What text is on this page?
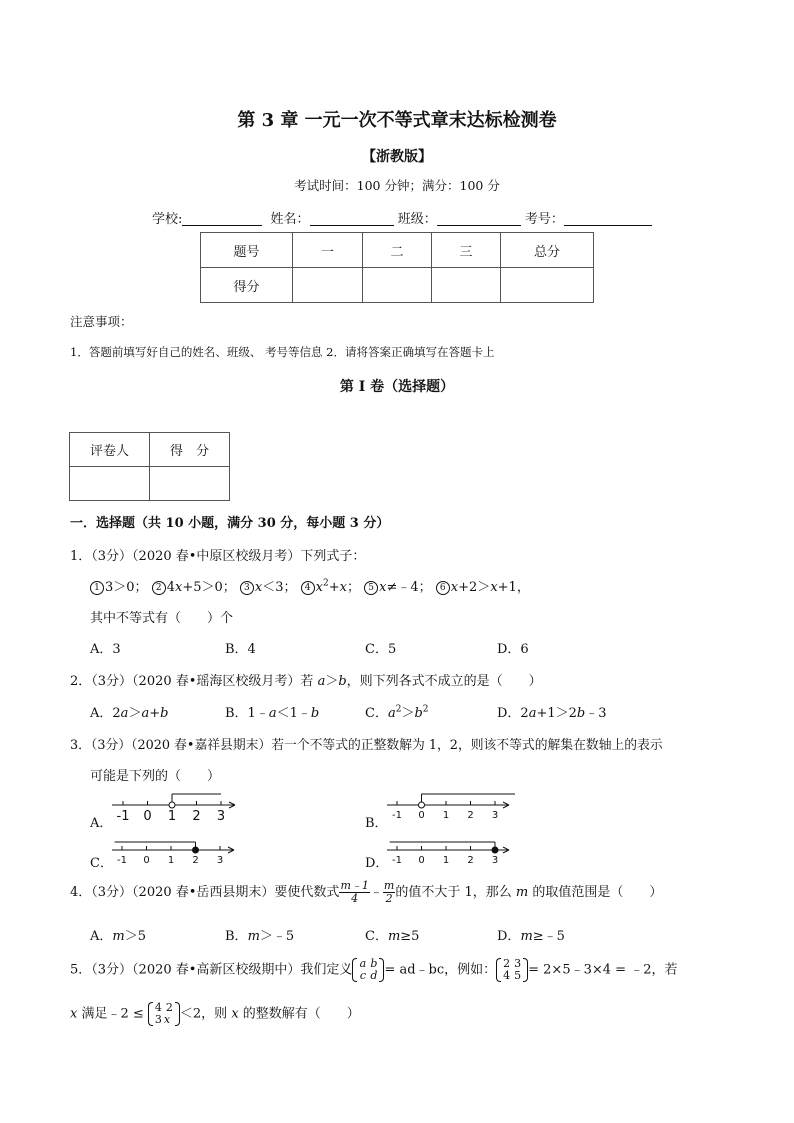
第 3 章 一元一次不等式章末达标检测卷
【浙教版】
考试时间：100 分钟；满分：100 分
学校:	姓名：	班级：	考号：
题号	一	二	三	总分
得分				
注意事项：
1．答题前填写好自己的姓名、班级、 考号等信息 2．请将答案正确填写在答题卡上
第 I 卷（选择题）
评卷人	得　分

一．选择题（共 10 小题，满分 30 分，每小题 3 分）
1．（3分）（2020 春•中原区校级月考）下列式子：
1 3＞0； 2 4x+5＞0； 3 x＜3； 4 $x^2+x$； 5 x≠﹣4； 6 x+2＞x+1，
其中不等式有（　　）个
A．3	B．4	C．5	D．6
2．（3分）（2020 春•瑶海区校级月考）若 a＞b，则下列各式不成立的是（　　）
A．2a＞a+b	B．1﹣a＜1﹣b	C．$a^2>b^2$	D．2a+1＞2b﹣3
3．（3分）（2020 春•嘉祥县期末）若一个不等式的正整数解为 1，2，则该不等式的解集在数轴上的表示
可能是下列的（　　）
A．	B．
C．	D．
-1 0 1 2 3	-1 0 1 2 3
-1 0 1 2 3	-1 0 1 2 3
4．（3分）（2020 春•岳西县期末）要使代数式 $\frac{m﹣1}{4}$ ﹣ $\frac{m}{2}$ 的值不大于 1，那么 m 的取值范围是（　　）
A．m＞5	B．m＞﹣5	C．m≥5	D．m≥﹣5
5．（3分）（2020 春•高新区校级期中）我们定义 a b
c d = ad﹣bc，例如： 2 3
4 5 = 2×5﹣3×4 = ﹣2，若
x 满足﹣2 ≤ 4 2
3 x ＜2，则 x 的整数解有（　　）
